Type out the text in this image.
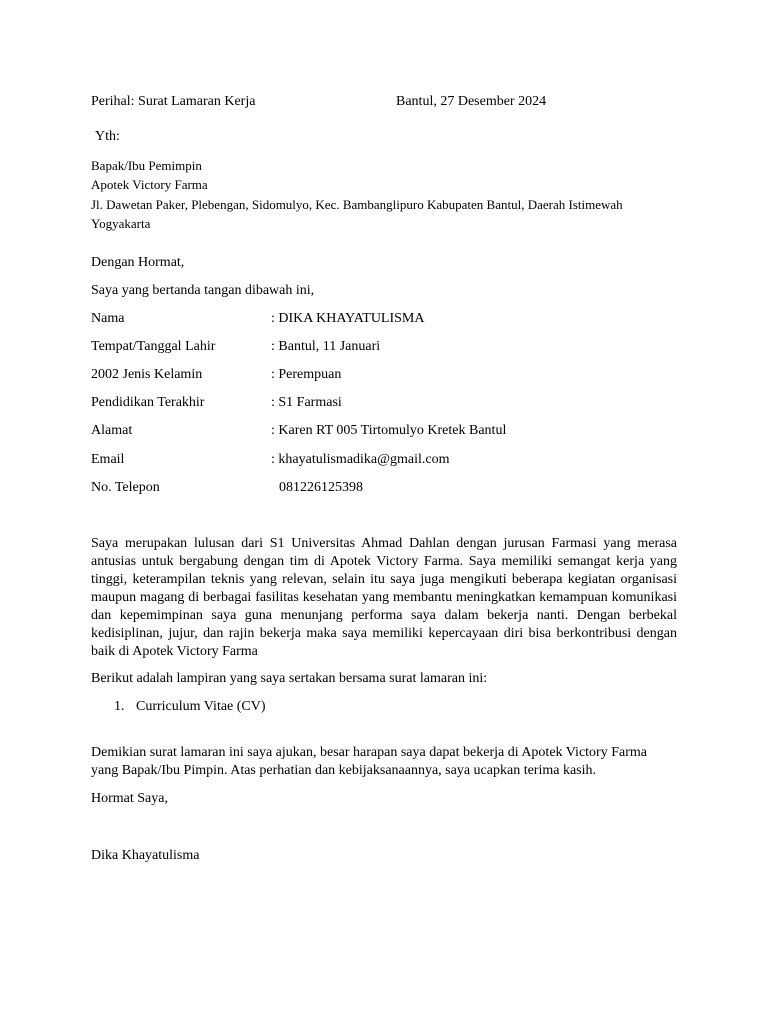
Perihal: Surat Lamaran Kerja	Bantul, 27 Desember 2024
Yth:
Bapak/Ibu Pemimpin
Apotek Victory Farma
Jl. Dawetan Paker, Plebengan, Sidomulyo, Kec. Bambanglipuro Kabupaten Bantul, Daerah Istimewah
Yogyakarta
Dengan Hormat,
Saya yang bertanda tangan dibawah ini,
Nama	: DIKA KHAYATULISMA
Tempat/Tanggal Lahir	: Bantul, 11 Januari
2002 Jenis Kelamin	: Perempuan
Pendidikan Terakhir	: S1 Farmasi
Alamat	: Karen RT 005 Tirtomulyo Kretek Bantul
Email	: khayatulismadika@gmail.com
No. Telepon	081226125398
Saya merupakan lulusan dari S1 Universitas Ahmad Dahlan dengan jurusan Farmasi yang merasa antusias untuk bergabung dengan tim di Apotek Victory Farma. Saya memiliki semangat kerja yang tinggi, keterampilan teknis yang relevan, selain itu saya juga mengikuti beberapa kegiatan organisasi maupun magang di berbagai fasilitas kesehatan yang membantu meningkatkan kemampuan komunikasi dan kepemimpinan saya guna menunjang performa saya dalam bekerja nanti. Dengan berbekal kedisiplinan, jujur, dan rajin bekerja maka saya memiliki kepercayaan diri bisa berkontribusi dengan baik di Apotek Victory Farma
Berikut adalah lampiran yang saya sertakan bersama surat lamaran ini:
1. Curriculum Vitae (CV)
Demikian surat lamaran ini saya ajukan, besar harapan saya dapat bekerja di Apotek Victory Farma yang Bapak/Ibu Pimpin. Atas perhatian dan kebijaksanaannya, saya ucapkan terima kasih.
Hormat Saya,
Dika Khayatulisma
